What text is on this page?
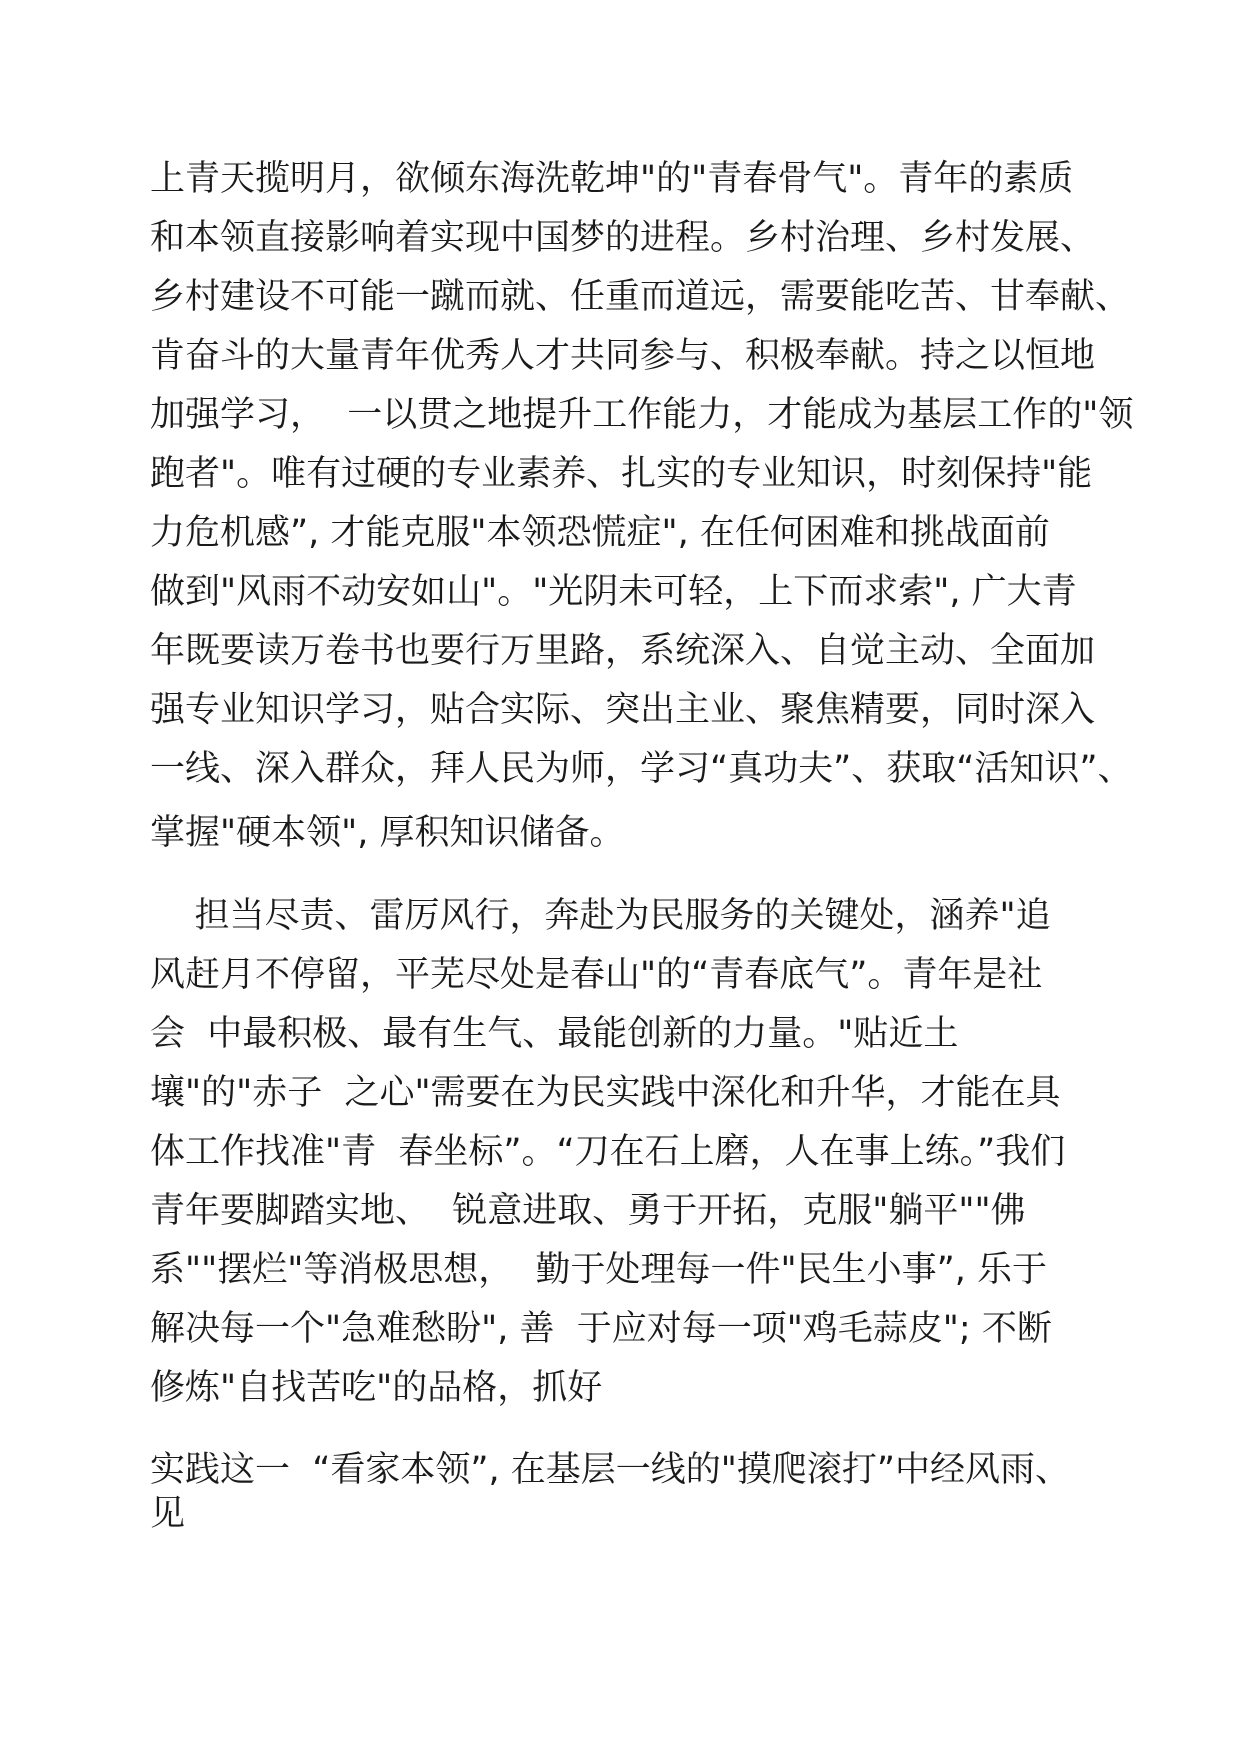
上青天揽明月，欲倾东海洗乾坤"的"青春骨气"。青年的素质

和本领直接影响着实现中国梦的进程。乡村治理、乡村发展、

乡村建设不可能一蹴而就、任重而道远，需要能吃苦、甘奉献、

肯奋斗的大量青年优秀人才共同参与、积极奉献。持之以恒地

加强学习，  一以贯之地提升工作能力，才能成为基层工作的"领

跑者"。唯有过硬的专业素养、扎实的专业知识，时刻保持"能

力危机感”, 才能克服"本领恐慌症", 在任何困难和挑战面前

做到"风雨不动安如山"。"光阴未可轻，上下而求索", 广大青

年既要读万卷书也要行万里路，系统深入、自觉主动、全面加

强专业知识学习，贴合实际、突出主业、聚焦精要，同时深入

一线、深入群众，拜人民为师，学习“真功夫”、获取“活知识”、

掌握"硬本领", 厚积知识储备。

担当尽责、雷厉风行，奔赴为民服务的关键处，涵养"追

风赶月不停留，平芜尽处是春山"的“青春底气”。青年是社

会  中最积极、最有生气、最能创新的力量。"贴近土

壤"的"赤子  之心"需要在为民实践中深化和升华，才能在具

体工作找准"青  春坐标”。“刀在石上磨，人在事上练。”我们

青年要脚踏实地、  锐意进取、勇于开拓，克服"躺平""佛

系""摆烂"等消极思想，  勤于处理每一件"民生小事”, 乐于

解决每一个"急难愁盼", 善  于应对每一项"鸡毛蒜皮"; 不断

修炼"自找苦吃"的品格，抓好

实践这一  “看家本领”, 在基层一线的"摸爬滚打”中经风雨、

见
